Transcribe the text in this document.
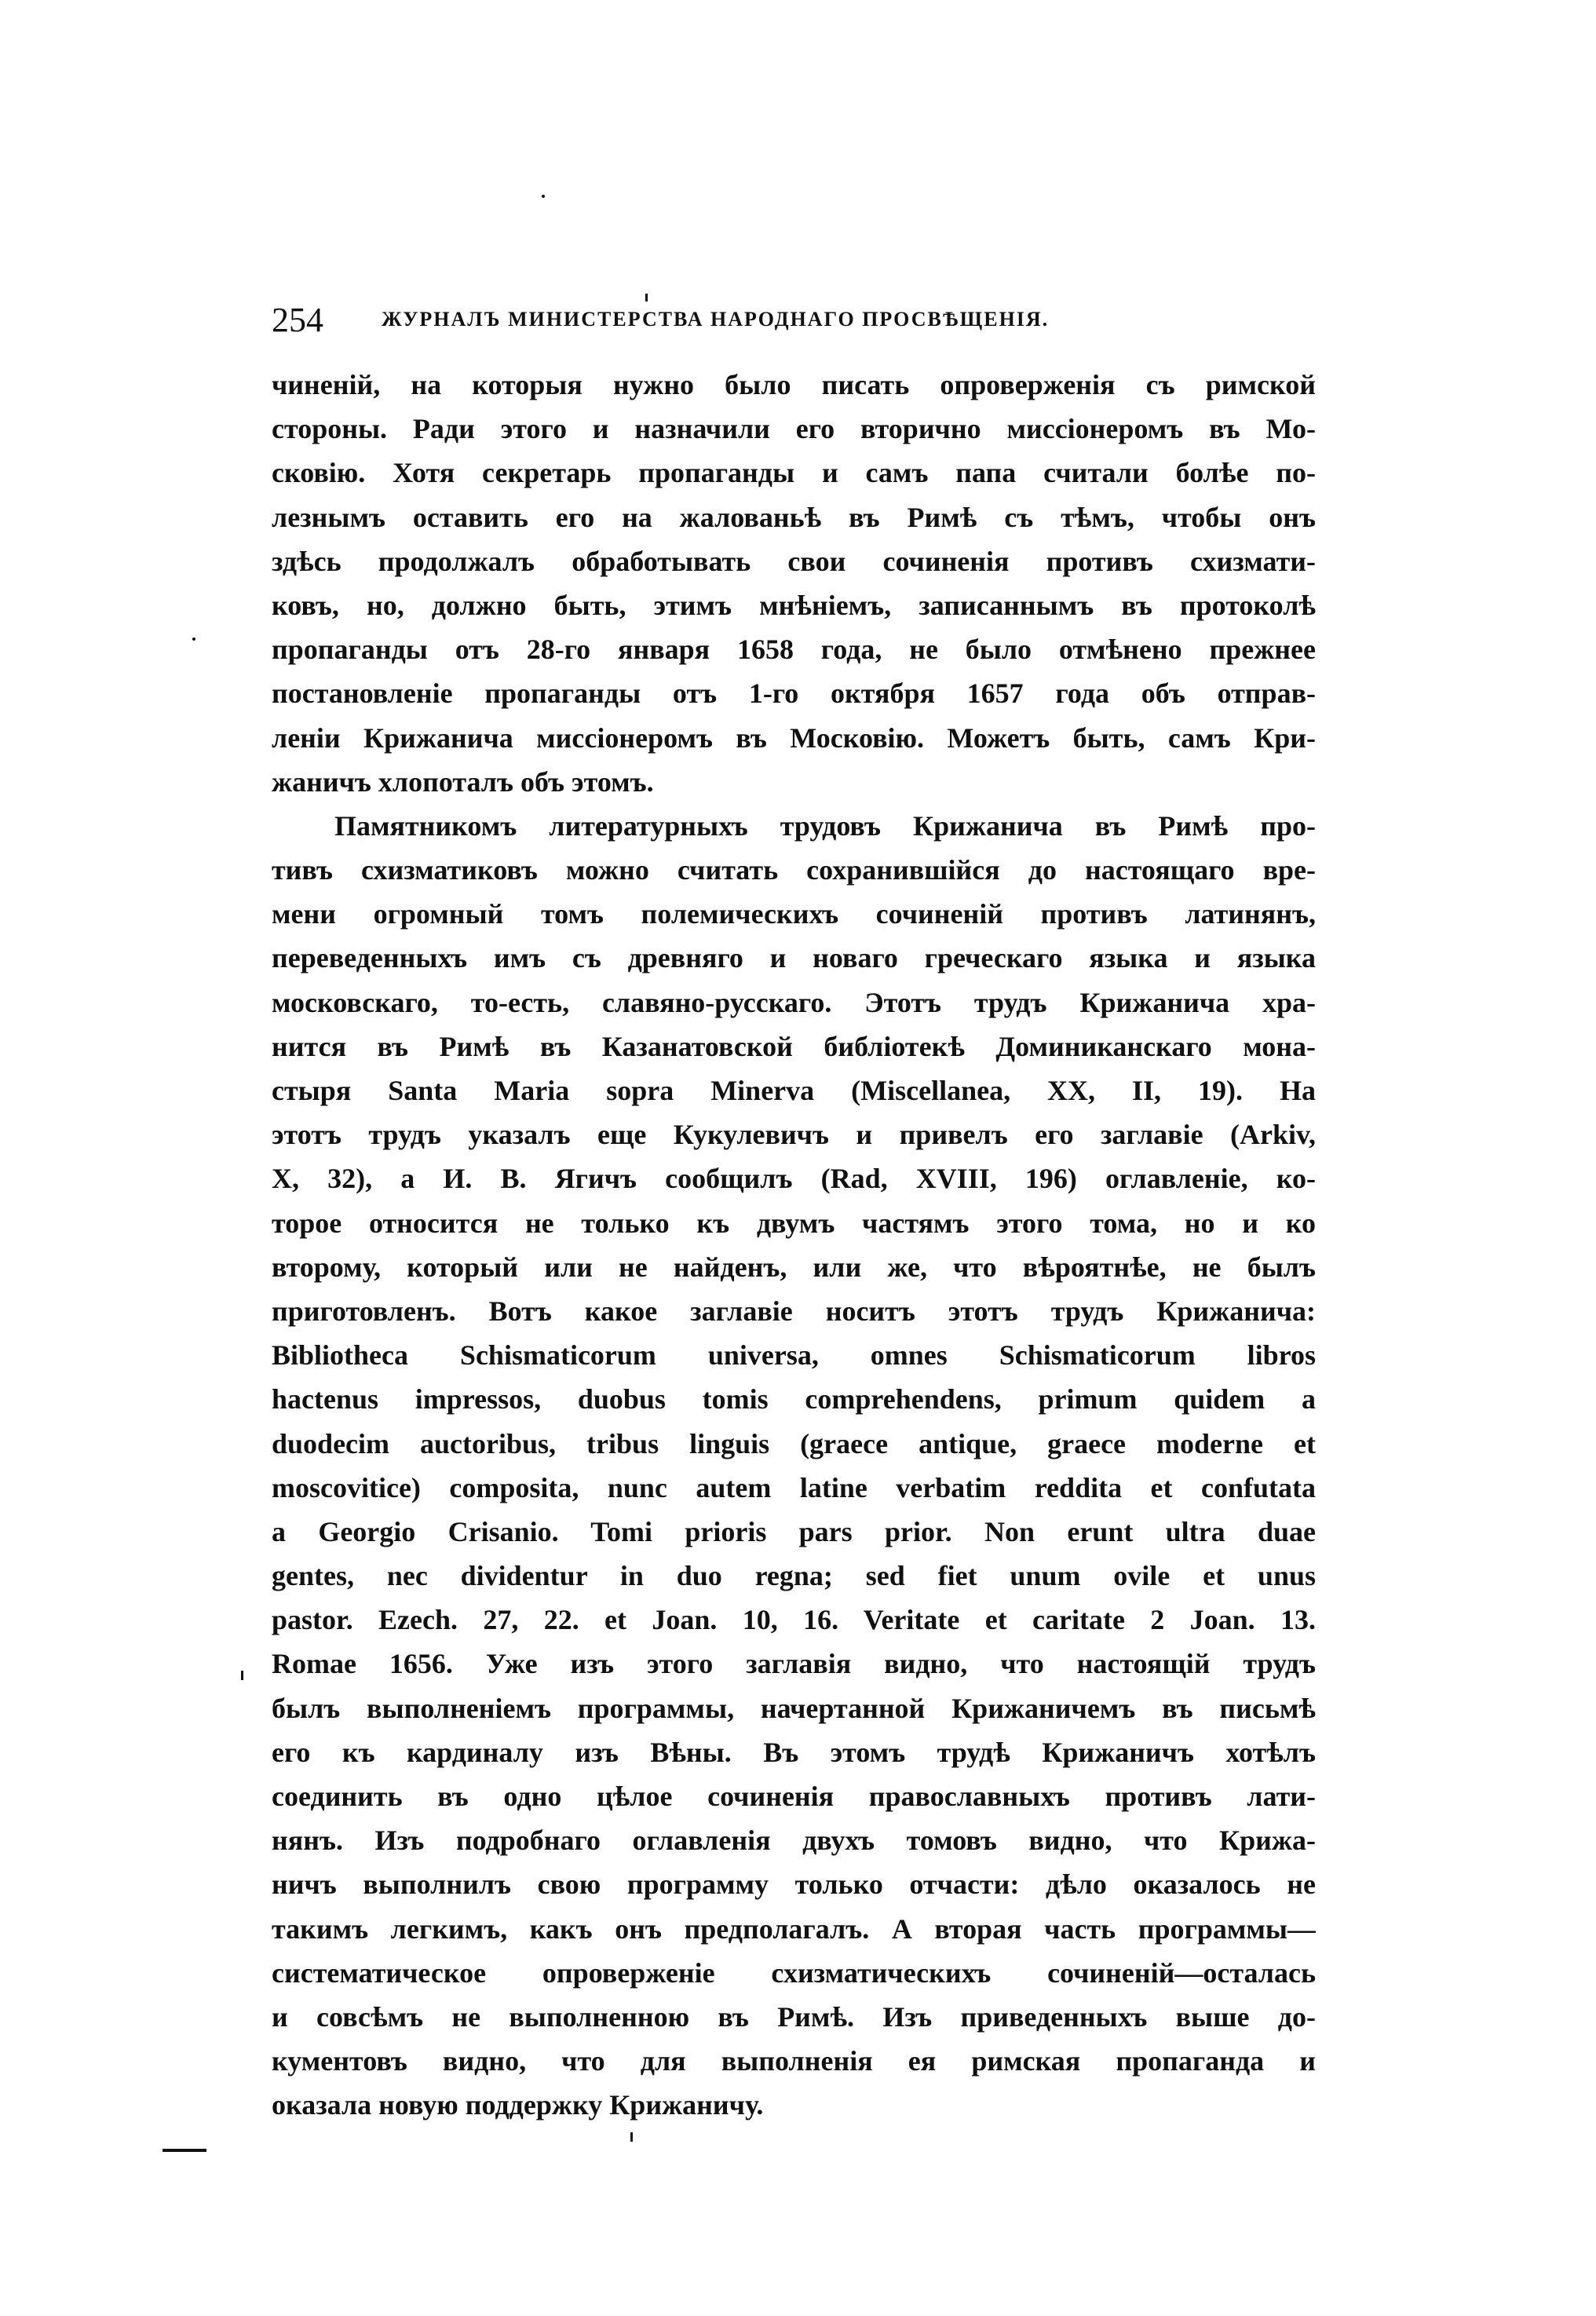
254	ЖУРНАЛЪ МИНИСТЕРСТВА НАРОДНАГО ПРОСВѢЩЕНІЯ.
чиненій, на которыя нужно было писать опроверженія съ римской
стороны. Ради этого и назначили его вторично миссіонеромъ въ Мо-
сковію. Хотя секретарь пропаганды и самъ папа считали болѣе по-
лезнымъ оставить его на жалованьѣ въ Римѣ съ тѣмъ, чтобы онъ
здѣсь продолжалъ обработывать свои сочиненія противъ схизмати-
ковъ, но, должно быть, этимъ мнѣніемъ, записаннымъ въ протоколѣ
пропаганды отъ 28-го января 1658 года, не было отмѣнено прежнее
постановленіе пропаганды отъ 1-го октября 1657 года объ отправ-
леніи Крижанича миссіонеромъ въ Московію. Можетъ быть, самъ Кри-
жаничъ хлопоталъ объ этомъ.
Памятникомъ литературныхъ трудовъ Крижанича въ Римѣ про-
тивъ схизматиковъ можно считать сохранившійся до настоящаго вре-
мени огромный томъ полемическихъ сочиненій противъ латинянъ,
переведенныхъ имъ съ древняго и новаго греческаго языка и языка
московскаго, то-есть, славяно-русскаго. Этотъ трудъ Крижанича хра-
нится въ Римѣ въ Казанатовской библіотекѣ Доминиканскаго мона-
стыря Santa Maria sopra Minerva (Miscellanea, XX, II, 19). На
этотъ трудъ указалъ еще Кукулевичъ и привелъ его заглавіе (Arkiv,
X, 32), а И. В. Ягичъ сообщилъ (Rad, XVIII, 196) оглавленіе, ко-
торое относится не только къ двумъ частямъ этого тома, но и ко
второму, который или не найденъ, или же, что вѣроятнѣе, не былъ
приготовленъ. Вотъ какое заглавіе носитъ этотъ трудъ Крижанича:
Bibliotheca Schismaticorum universa, omnes Schismaticorum libros
hactenus impressos, duobus tomis comprehendens, primum quidem a
duodecim auctoribus, tribus linguis (graece antique, graece moderne et
moscovitice) composita, nunc autem latine verbatim reddita et confutata
a Georgio Crisanio. Tomi prioris pars prior. Non erunt ultra duae
gentes, nec dividentur in duo regna; sed fiet unum ovile et unus
pastor. Ezech. 27, 22. et Joan. 10, 16. Veritate et caritate 2 Joan. 13.
Romae 1656. Уже изъ этого заглавія видно, что настоящій трудъ
былъ выполненіемъ программы, начертанной Крижаничемъ въ письмѣ
его къ кардиналу изъ Вѣны. Въ этомъ трудѣ Крижаничъ хотѣлъ
соединить въ одно цѣлое сочиненія православныхъ противъ лати-
нянъ. Изъ подробнаго оглавленія двухъ томовъ видно, что Крижа-
ничъ выполнилъ свою программу только отчасти: дѣло оказалось не
такимъ легкимъ, какъ онъ предполагалъ. А вторая часть программы—
систематическое опроверженіе схизматическихъ сочиненій—осталась
и совсѣмъ не выполненною въ Римѣ. Изъ приведенныхъ выше до-
кументовъ видно, что для выполненія ея римская пропаганда и
оказала новую поддержку Крижаничу.
